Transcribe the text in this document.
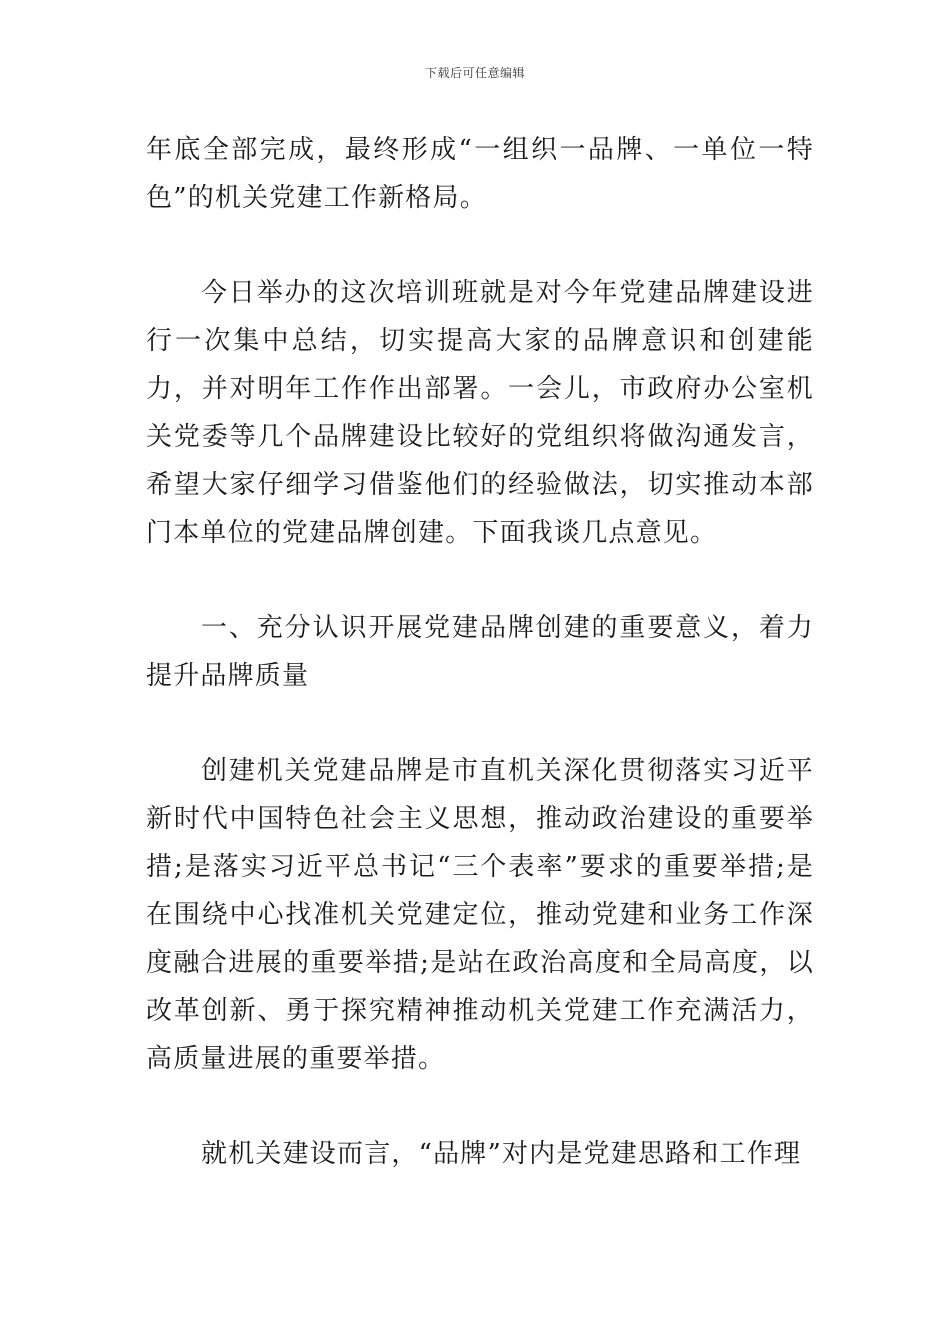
下载后可任意编辑

年底全部完成，最终形成“一组织一品牌、一单位一特色”的机关党建工作新格局。

今日举办的这次培训班就是对今年党建品牌建设进行一次集中总结，切实提高大家的品牌意识和创建能力，并对明年工作作出部署。一会儿，市政府办公室机关党委等几个品牌建设比较好的党组织将做沟通发言，希望大家仔细学习借鉴他们的经验做法，切实推动本部门本单位的党建品牌创建。下面我谈几点意见。

一、充分认识开展党建品牌创建的重要意义，着力提升品牌质量

创建机关党建品牌是市直机关深化贯彻落实习近平新时代中国特色社会主义思想，推动政治建设的重要举措;是落实习近平总书记“三个表率”要求的重要举措;是在围绕中心找准机关党建定位，推动党建和业务工作深度融合进展的重要举措;是站在政治高度和全局高度，以改革创新、勇于探究精神推动机关党建工作充满活力，高质量进展的重要举措。

就机关建设而言，“品牌”对内是党建思路和工作理
